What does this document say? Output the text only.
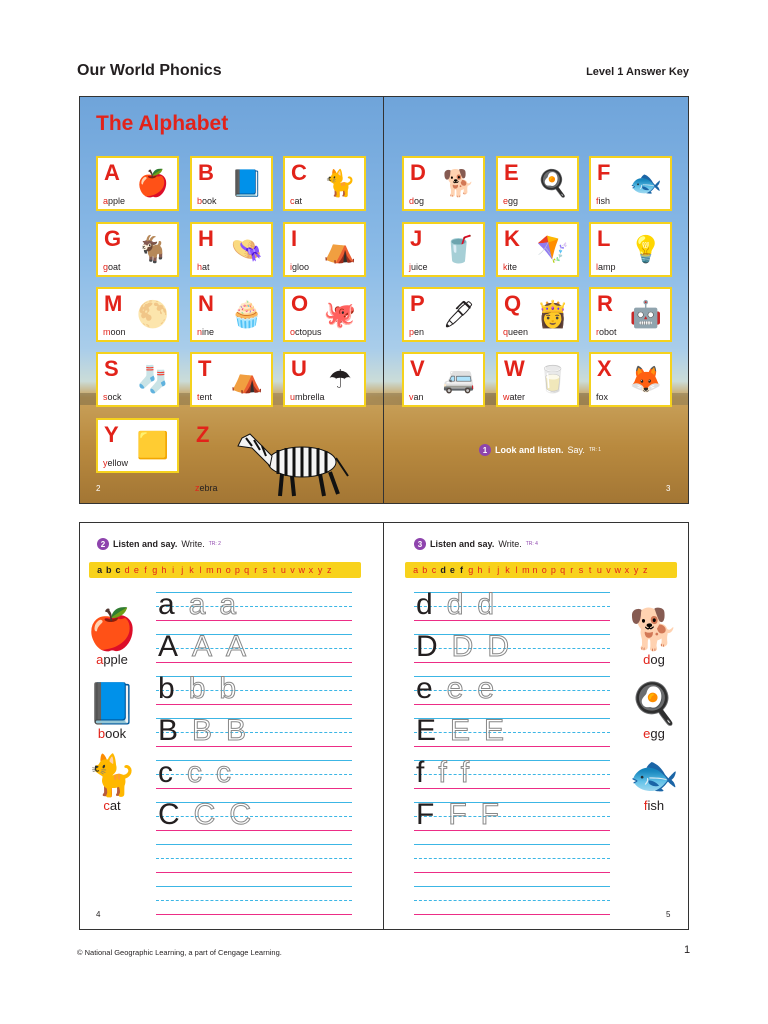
Our World Phonics	Level 1 Answer Key
The Alphabet
A
apple
🍎 B
book
📘 C
cat
🐈 D
dog
🐕 E
egg
🍳 F
fish
🐟
G
goat
🐐 H
hat
👒 I
igloo
⛺ J
juice
🥤 K
kite
🪁 L
lamp
💡
M
moon
🌕 N
nine
🧁 O
octopus
🐙 P
pen
🖊 Q
queen
👸 R
robot
🤖
S
sock
🧦 T
tent
⛺ U
umbrella
☂	V
van
🚐 W
water
🥛 X
fox
🦊
Y
yellow
🟨 Z
zebra
1 Look and listen. Say. TR: 1
2	3
2 Listen and say. Write. TR: 2	3 Listen and say. Write. TR: 4
a b c d e f g h i j k l m n o p q r s t u v w x y z	a b c d e f g h i j k l m n o p q r s t u v w x y z
a a a
A A A
b b b
B B B
c c c
C C C
d d d
D D D
e e e
E E E
f f f
F F F
🍎
apple
📘
book
🐈
cat
🐕
dog
🍳
egg
🐟
fish
4	5
© National Geographic Learning, a part of Cengage Learning.	1
